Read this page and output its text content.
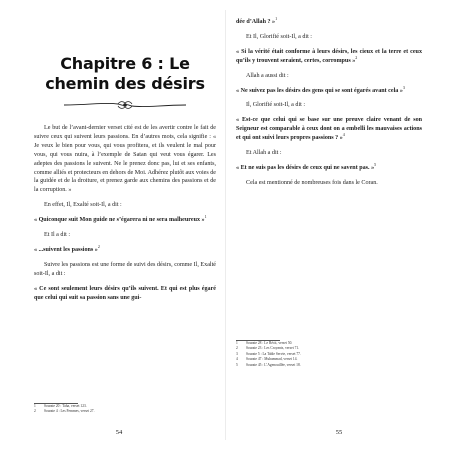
Chapitre 6 : Le chemin des désirs

Le but de l’avant-dernier verset cité est de les avertir contre le fait de suivre ceux qui suivent leurs passions. En d’autres mots, cela signifie : « Je veux le bien pour vous, qui vous profitera, et ils veulent le mal pour vous, qui vous nuira, à l’exemple de Satan qui veut vous égarer. Les adeptes des passions le suivent. Ne le prenez donc pas, lui et ses enfants, comme alliés et protecteurs en dehors de Moi. Adhérez plutôt aux voies de la guidée et de la droiture, et prenez garde aux chemins des passions et de la corruption. »

En effet, Il, Exalté soit-Il, a dit :

« Quiconque suit Mon guide ne s’égarera ni ne sera malheureux »$^1$

Et Il a dit :

« ...suivent les passions »$^2$

Suivre les passions est une forme de suivi des désirs, comme Il, Exalté soit-Il, a dit :

« Ce sont seulement leurs désirs qu’ils suivent. Et qui est plus égaré que celui qui suit sa passion sans une gui-

1	Sourate 20 : Taha, verset 123.
2	Sourate 4 : Les Femmes, verset 27.
54

dée d’Allah ? »$^1$

Et Il, Glorifié soit-Il, a dit :

« Si la vérité était conforme à leurs désirs, les cieux et la terre et ceux qu’ils y trouvent seraient, certes, corrompus »$^2$

Allah a aussi dit :

« Ne suivez pas les désirs des gens qui se sont égarés avant cela »$^3$

Il, Glorifié soit-Il, a dit :

« Est-ce que celui qui se base sur une preuve claire venant de son Seigneur est comparable à ceux dont on a embelli les mauvaises actions et qui ont suivi leurs propres passions ? »$^4$

Et Allah a dit :

« Et ne suis pas les désirs de ceux qui ne savent pas. »$^5$

Cela est mentionné de nombreuses fois dans le Coran.

1	Sourate 28 : Le Récit, verset 50.
2	Sourate 23 : Les Croyants, verset 71.
3	Sourate 5 : La Table Servie, verset 77.
4	Sourate 47 : Muhammad, verset 14.
5	Sourate 45 : L’Agenouillée, verset 18.
55
